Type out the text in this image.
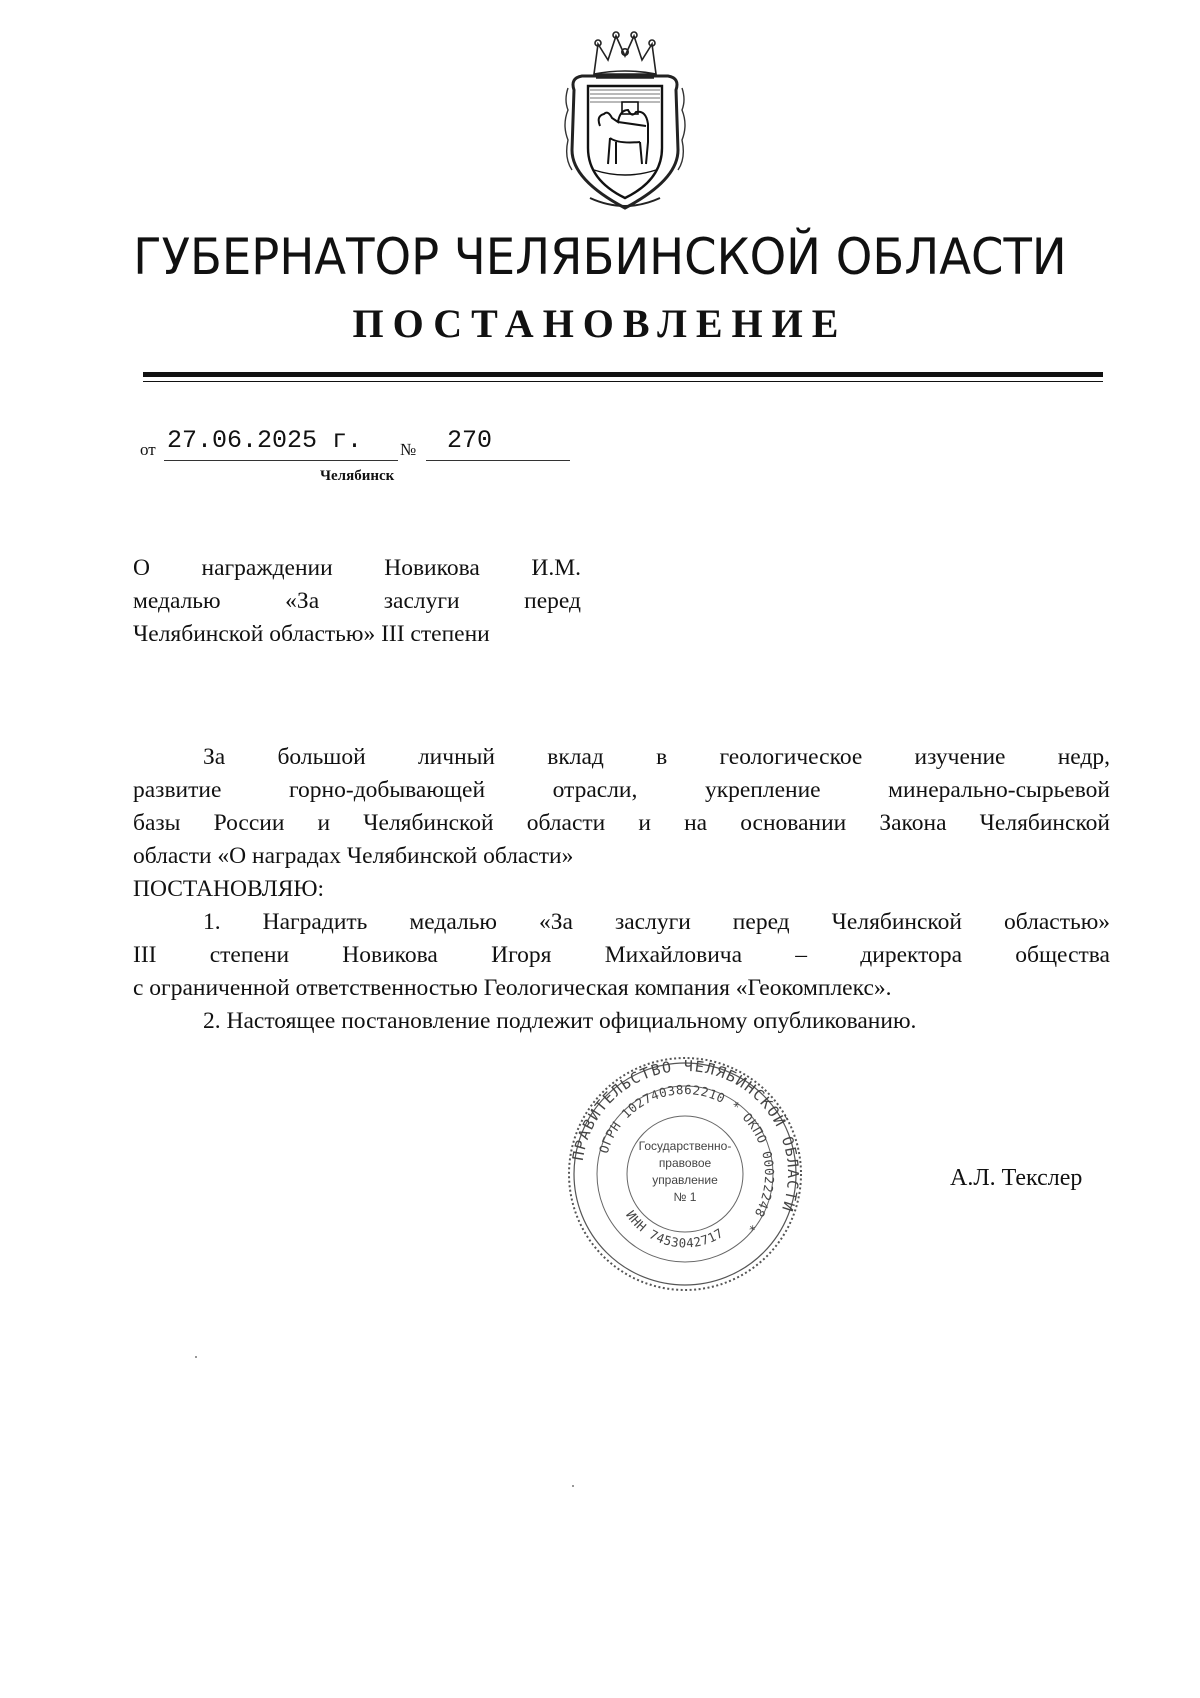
ГУБЕРНАТОР ЧЕЛЯБИНСКОЙ ОБЛАСТИ
ПОСТАНОВЛЕНИЕ
от 27.06.2025 г. № 270
Челябинск
О награждении Новикова И.М.
медалью «За заслуги перед
Челябинской областью» III степени
За большой личный вклад в геологическое изучение недр,
развитие горно-добывающей отрасли, укрепление минерально-сырьевой
базы России и Челябинской области и на основании Закона Челябинской
области «О наградах Челябинской области»
ПОСТАНОВЛЯЮ:
1. Наградить медалью «За заслуги перед Челябинской областью»
III степени Новикова Игоря Михайловича – директора общества
с ограниченной ответственностью Геологическая компания «Геокомплекс».
2. Настоящее постановление подлежит официальному опубликованию.
ПРАВИТЕЛЬСТВО ЧЕЛЯБИНСКОЙ ОБЛАСТИ
ОГРН 1027403862210 * ОКПО 00022248 *
ИНН 7453042717
Государственно-
правовое
управление
№ 1
А.Л. Текслер
